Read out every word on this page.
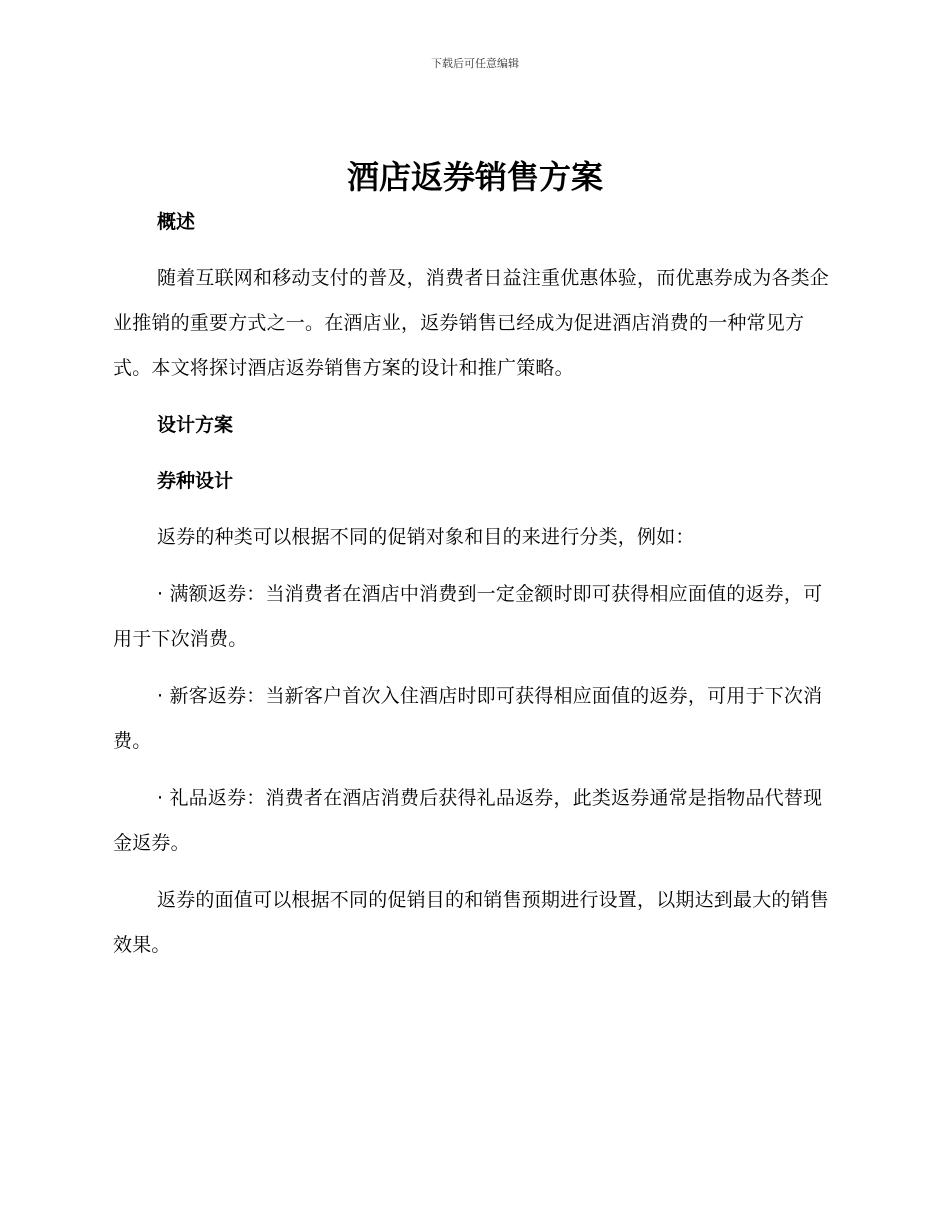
下载后可任意编辑
酒店返券销售方案
概述

随着互联网和移动支付的普及，消费者日益注重优惠体验，而优惠券成为各类企业推销的重要方式之一。在酒店业，返券销售已经成为促进酒店消费的一种常见方式。本文将探讨酒店返券销售方案的设计和推广策略。

设计方案
券种设计

返券的种类可以根据不同的促销对象和目的来进行分类，例如：

· 满额返券：当消费者在酒店中消费到一定金额时即可获得相应面值的返券，可用于下次消费。

· 新客返券：当新客户首次入住酒店时即可获得相应面值的返券，可用于下次消费。

· 礼品返券：消费者在酒店消费后获得礼品返券，此类返券通常是指物品代替现金返券。

返券的面值可以根据不同的促销目的和销售预期进行设置，以期达到最大的销售效果。
